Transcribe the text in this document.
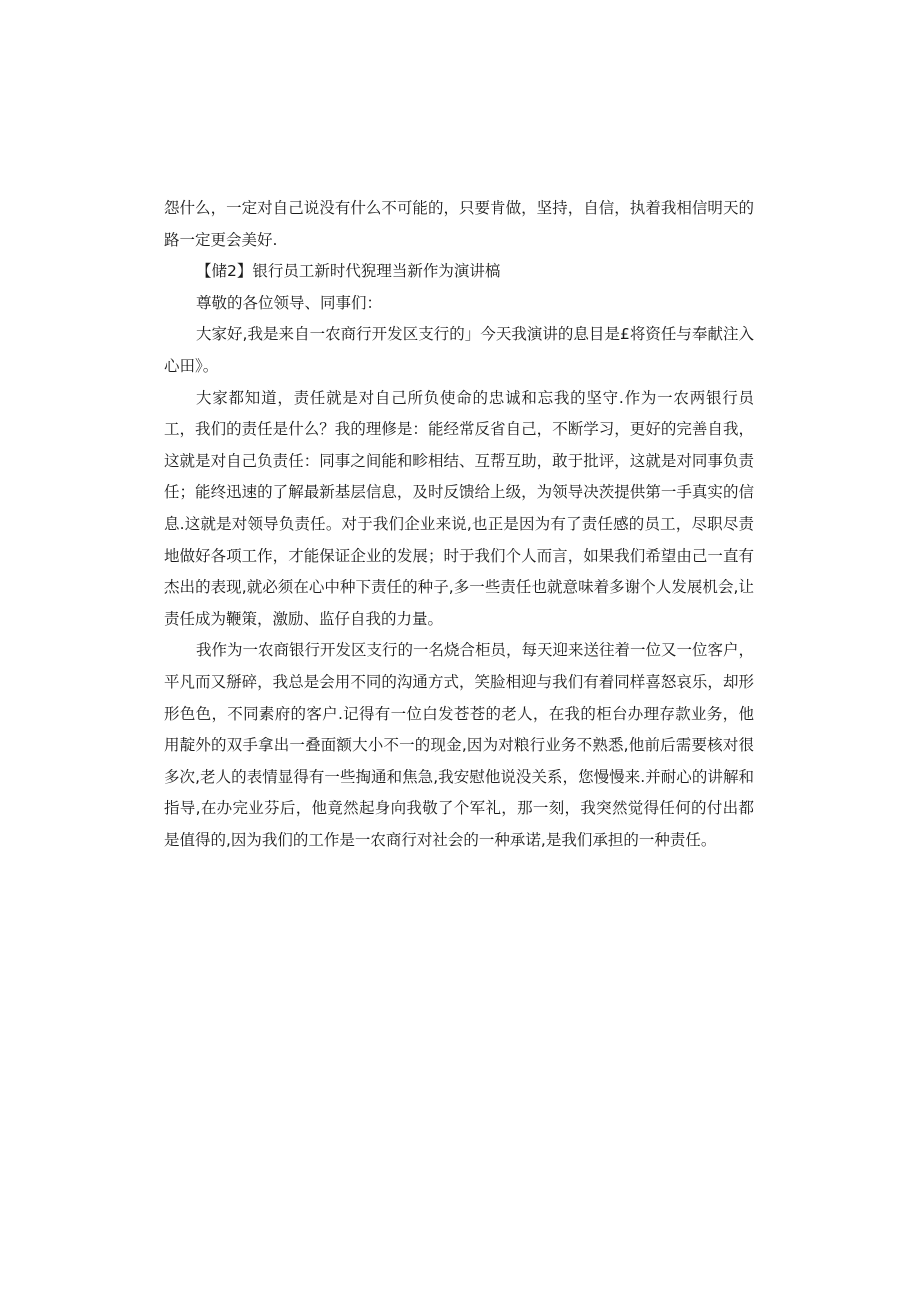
怨什么，一定对自己说没有什么不可能的，只要肯做，坚持，自信，执着我相信明天的路一定更会美好.

【储2】银行员工新时代猊理当新作为演讲槁

尊敬的各位领导、同事们：

大家好,我是来自一农商行开发区支行的」今天我演讲的息目是£将资任与奉献注入心田》。

大家都知道，责任就是对自己所负使命的忠诚和忘我的坚守.作为一农两银行员工，我们的责任是什么？我的理修是：能经常反省自己，不断学习，更好的完善自我，这就是对自己负责任：同事之间能和畛相结、互帮互助，敢于批评，这就是对同事负责任；能终迅速的了解最新基层信息，及时反馈给上级，为领导决茨提供第一手真实的信息.这就是对领导负责任。对于我们企业来说,也正是因为有了责任感的员工，尽职尽责地做好各项工作，才能保证企业的发展；时于我们个人而言，如果我们希望由己一直有杰出的表现,就必须在心中种下责任的种子,多一些责任也就意味着多谢个人发展机会,让责任成为鞭策，激励、监仔自我的力量。

我作为一农商银行开发区支行的一名烧合柜员，每天迎来送往着一位又一位客户，平凡而又掰碎，我总是会用不同的沟通方式，笑脸相迎与我们有着同样喜怒哀乐，却形形色色，不同素府的客户.记得有一位白发苍苍的老人，在我的柜台办理存款业务，他用靛外的双手拿出一叠面额大小不一的现金,因为对粮行业务不熟悉,他前后需要核对很多次,老人的表情显得有一些掏通和焦急,我安慰他说没关系，您慢慢来.并耐心的讲解和指导,在办完业芬后，他竟然起身向我敬了个军礼，那一刻，我突然觉得任何的付出都是值得的,因为我们的工作是一农商行对社会的一种承诺,是我们承担的一种责任。
